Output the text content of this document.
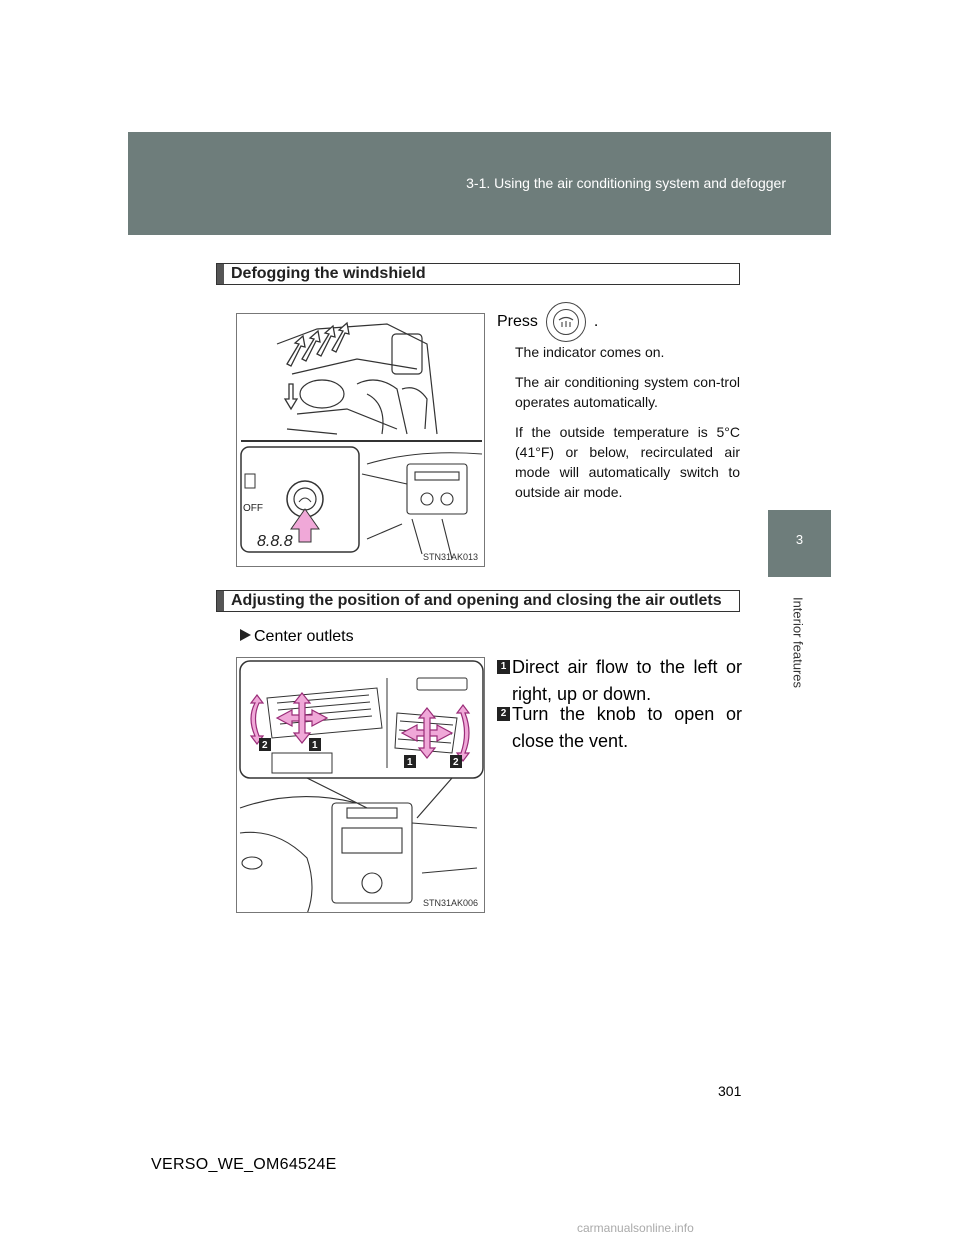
3-1. Using the air conditioning system and defogger
3
Interior features
Defogging the windshield
OFF
8.8.8
STN31AK013
Press	.
The indicator comes on.
The air conditioning system con-trol operates automatically.
If the outside temperature is 5°C (41°F) or below, recirculated air mode will automatically switch to outside air mode.
Adjusting the position of and opening and closing the air outlets
Center outlets
2	1
1	2
STN31AK006
1 Direct air flow to the left or right, up or down.
2 Turn the knob to open or close the vent.
301
VERSO_WE_OM64524E
carmanualsonline.info
